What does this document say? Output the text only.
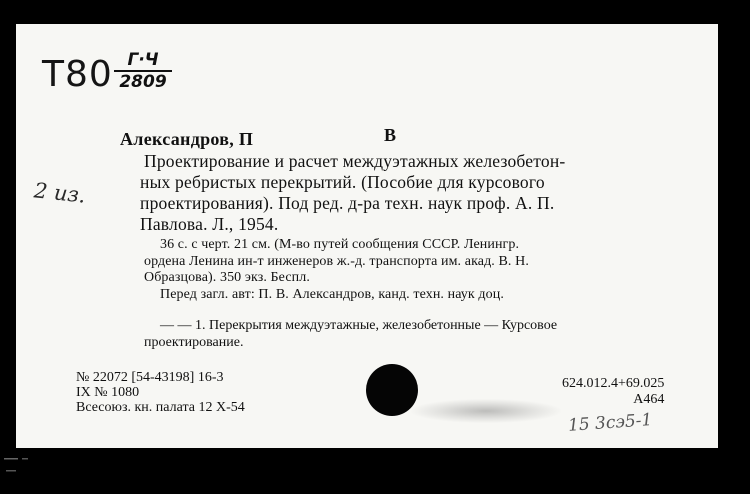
Т80 Г·Ч
2809
Александров, П	В
Проектирование и расчет междуэтажных железобетон-
ных ребристых перекрытий. (Пособие для курсового
проектирования). Под ред. д-ра техн. наук проф. А. П.
Павлова. Л., 1954.
2 из.
36 с. с черт. 21 см. (М-во путей сообщения СССР. Ленингр.
ордена Ленина ин-т инженеров ж.-д. транспорта им. акад. В. Н.
Образцова). 350 экз. Беспл.
Перед загл. авт: П. В. Александров, канд. техн. наук доц.
— — 1. Перекрытия междуэтажные, железобетонные — Курсовое
проектирование.
№ 22072 [54-43198] 16-3
IX № 1080
Всесоюз. кн. палата 12 X-54
624.012.4+69.025
А464
15 3сэ5-1
